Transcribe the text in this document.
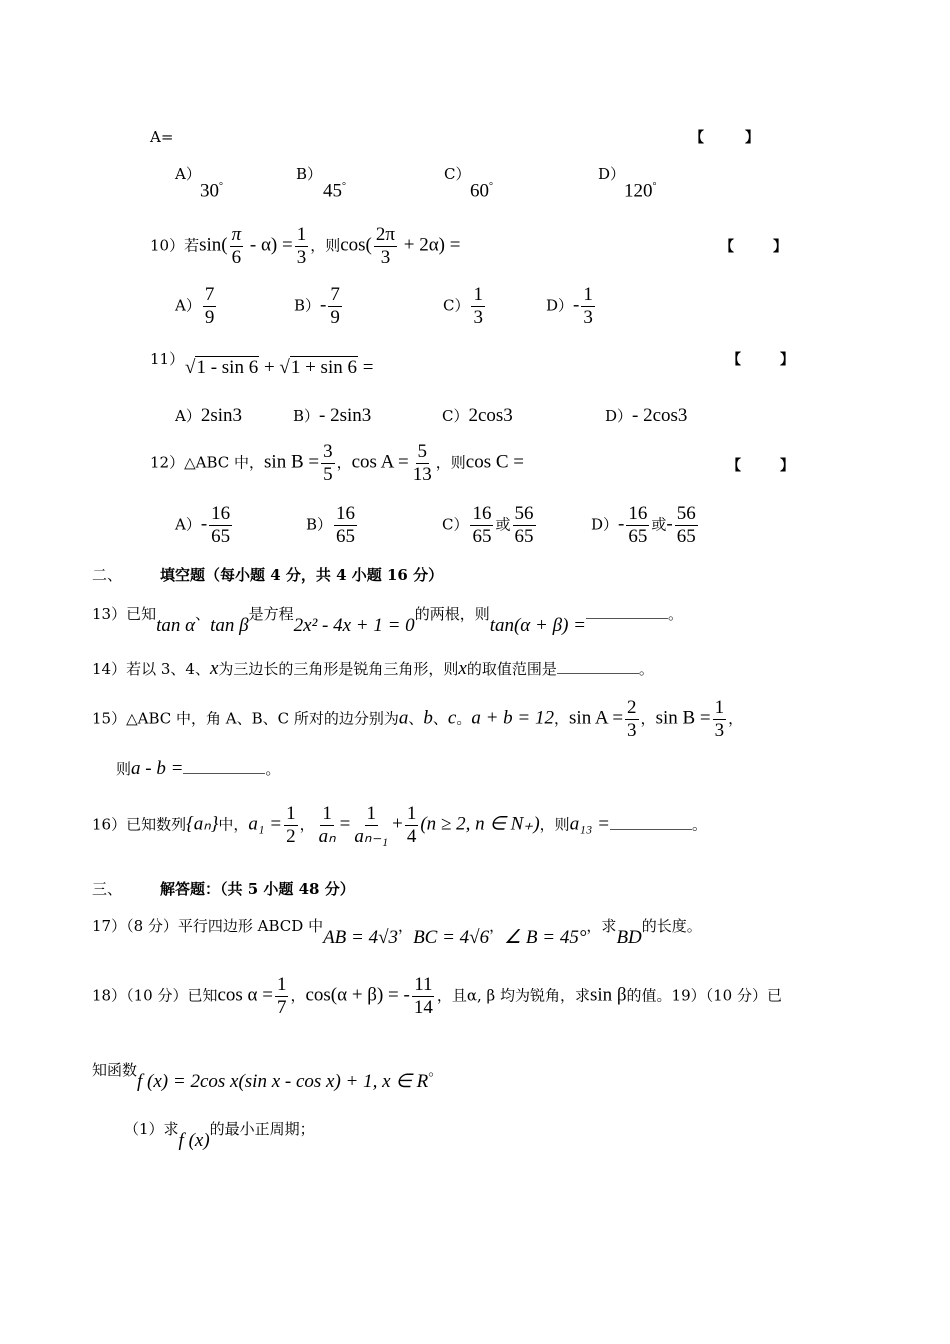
A=	【	】
A）
30°
B）
45°
C）
60°
D）
120°
10）若$\sin( \frac{\pi}{6} - \alpha) = \frac{1}{3}$ ，则$\cos( \frac{2\pi}{3} + 2\alpha)$ =	【	】
$A) \frac{7}{9}$	$B)- \frac{7}{9}$	$C) \frac{1}{3}$	$D)- \frac{1}{3}$
11） √1 - sin 6 + √1 + sin 6 =	【	】
A）2sin3	B）- 2sin3	C）2cos3	D）- 2cos3
12）△ABC 中，$\sin B = \frac{3}{5}$ ，$\cos A = \frac{5}{13}$ ，则cos C =	【	】
$A)- \frac{16}{65}$	$B) \frac{16}{65}$	$C) \frac{16}{65}$ 或 $\frac{56}{65}$	$D)- \frac{16}{65}$ 或- $\frac{56}{65}$
二、	填空题（每小题 4 分，共 4 小题 16 分）
13）已知tan α、tan β是方程2x² - 4x + 1 = 0的两根，则tan(α + β) =。
14）若以 3、4、x为三边长的三角形是锐角三角形，则x的取值范围是	。
15）△ABC 中，角 A、B、C 所对的边分别为a、b、c。a + b = 12，$\sin A = \frac{2}{3}$ ，$\sin B = \frac{1}{3}$ ，
则a - b =	。
16）已知数列{aₙ}中，$a_1 = \frac{1}{2}$ ， $\frac{1}{\text{aₙ}} = \frac{1}{\text{aₙ₋₁}} + \frac{1}{4} (n \ge 2$, n ∈ N₊)，则a₁₃ =	。
三、	解答题：（共 5 小题 48 分）
17）（8 分）平行四边形 ABCD 中AB = 4√3，BC = 4√6，∠ B = 45°，求BD的长度。
18）（10 分）已知$\cos \alpha = \frac{1}{7}$ ，cos(α + β) = - $\frac{11}{14}$ ，且α, β 均为锐角，求sin β的值。19）（10 分）已
知函数f (x) = 2cos x(sin x - cos x) + 1, x ∈ R。
（1）求f (x)的最小正周期；
